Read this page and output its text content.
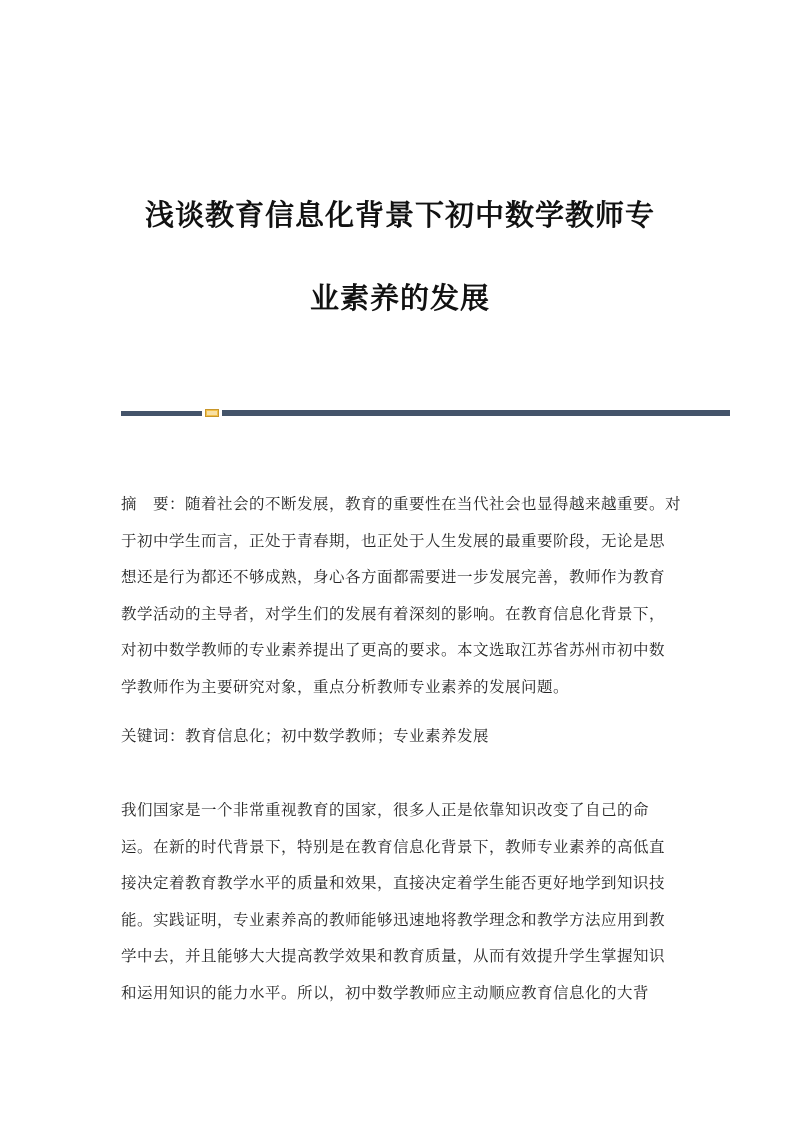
浅谈教育信息化背景下初中数学教师专
业素养的发展
摘　要：随着社会的不断发展，教育的重要性在当代社会也显得越来越重要。对
于初中学生而言，正处于青春期，也正处于人生发展的最重要阶段，无论是思
想还是行为都还不够成熟，身心各方面都需要进一步发展完善，教师作为教育
教学活动的主导者，对学生们的发展有着深刻的影响。在教育信息化背景下，
对初中数学教师的专业素养提出了更高的要求。本文选取江苏省苏州市初中数
学教师作为主要研究对象，重点分析教师专业素养的发展问题。
关键词：教育信息化；初中数学教师；专业素养发展
我们国家是一个非常重视教育的国家，很多人正是依靠知识改变了自己的命
运。在新的时代背景下，特别是在教育信息化背景下，教师专业素养的高低直
接决定着教育教学水平的质量和效果，直接决定着学生能否更好地学到知识技
能。实践证明，专业素养高的教师能够迅速地将教学理念和教学方法应用到教
学中去，并且能够大大提高教学效果和教育质量，从而有效提升学生掌握知识
和运用知识的能力水平。所以，初中数学教师应主动顺应教育信息化的大背
